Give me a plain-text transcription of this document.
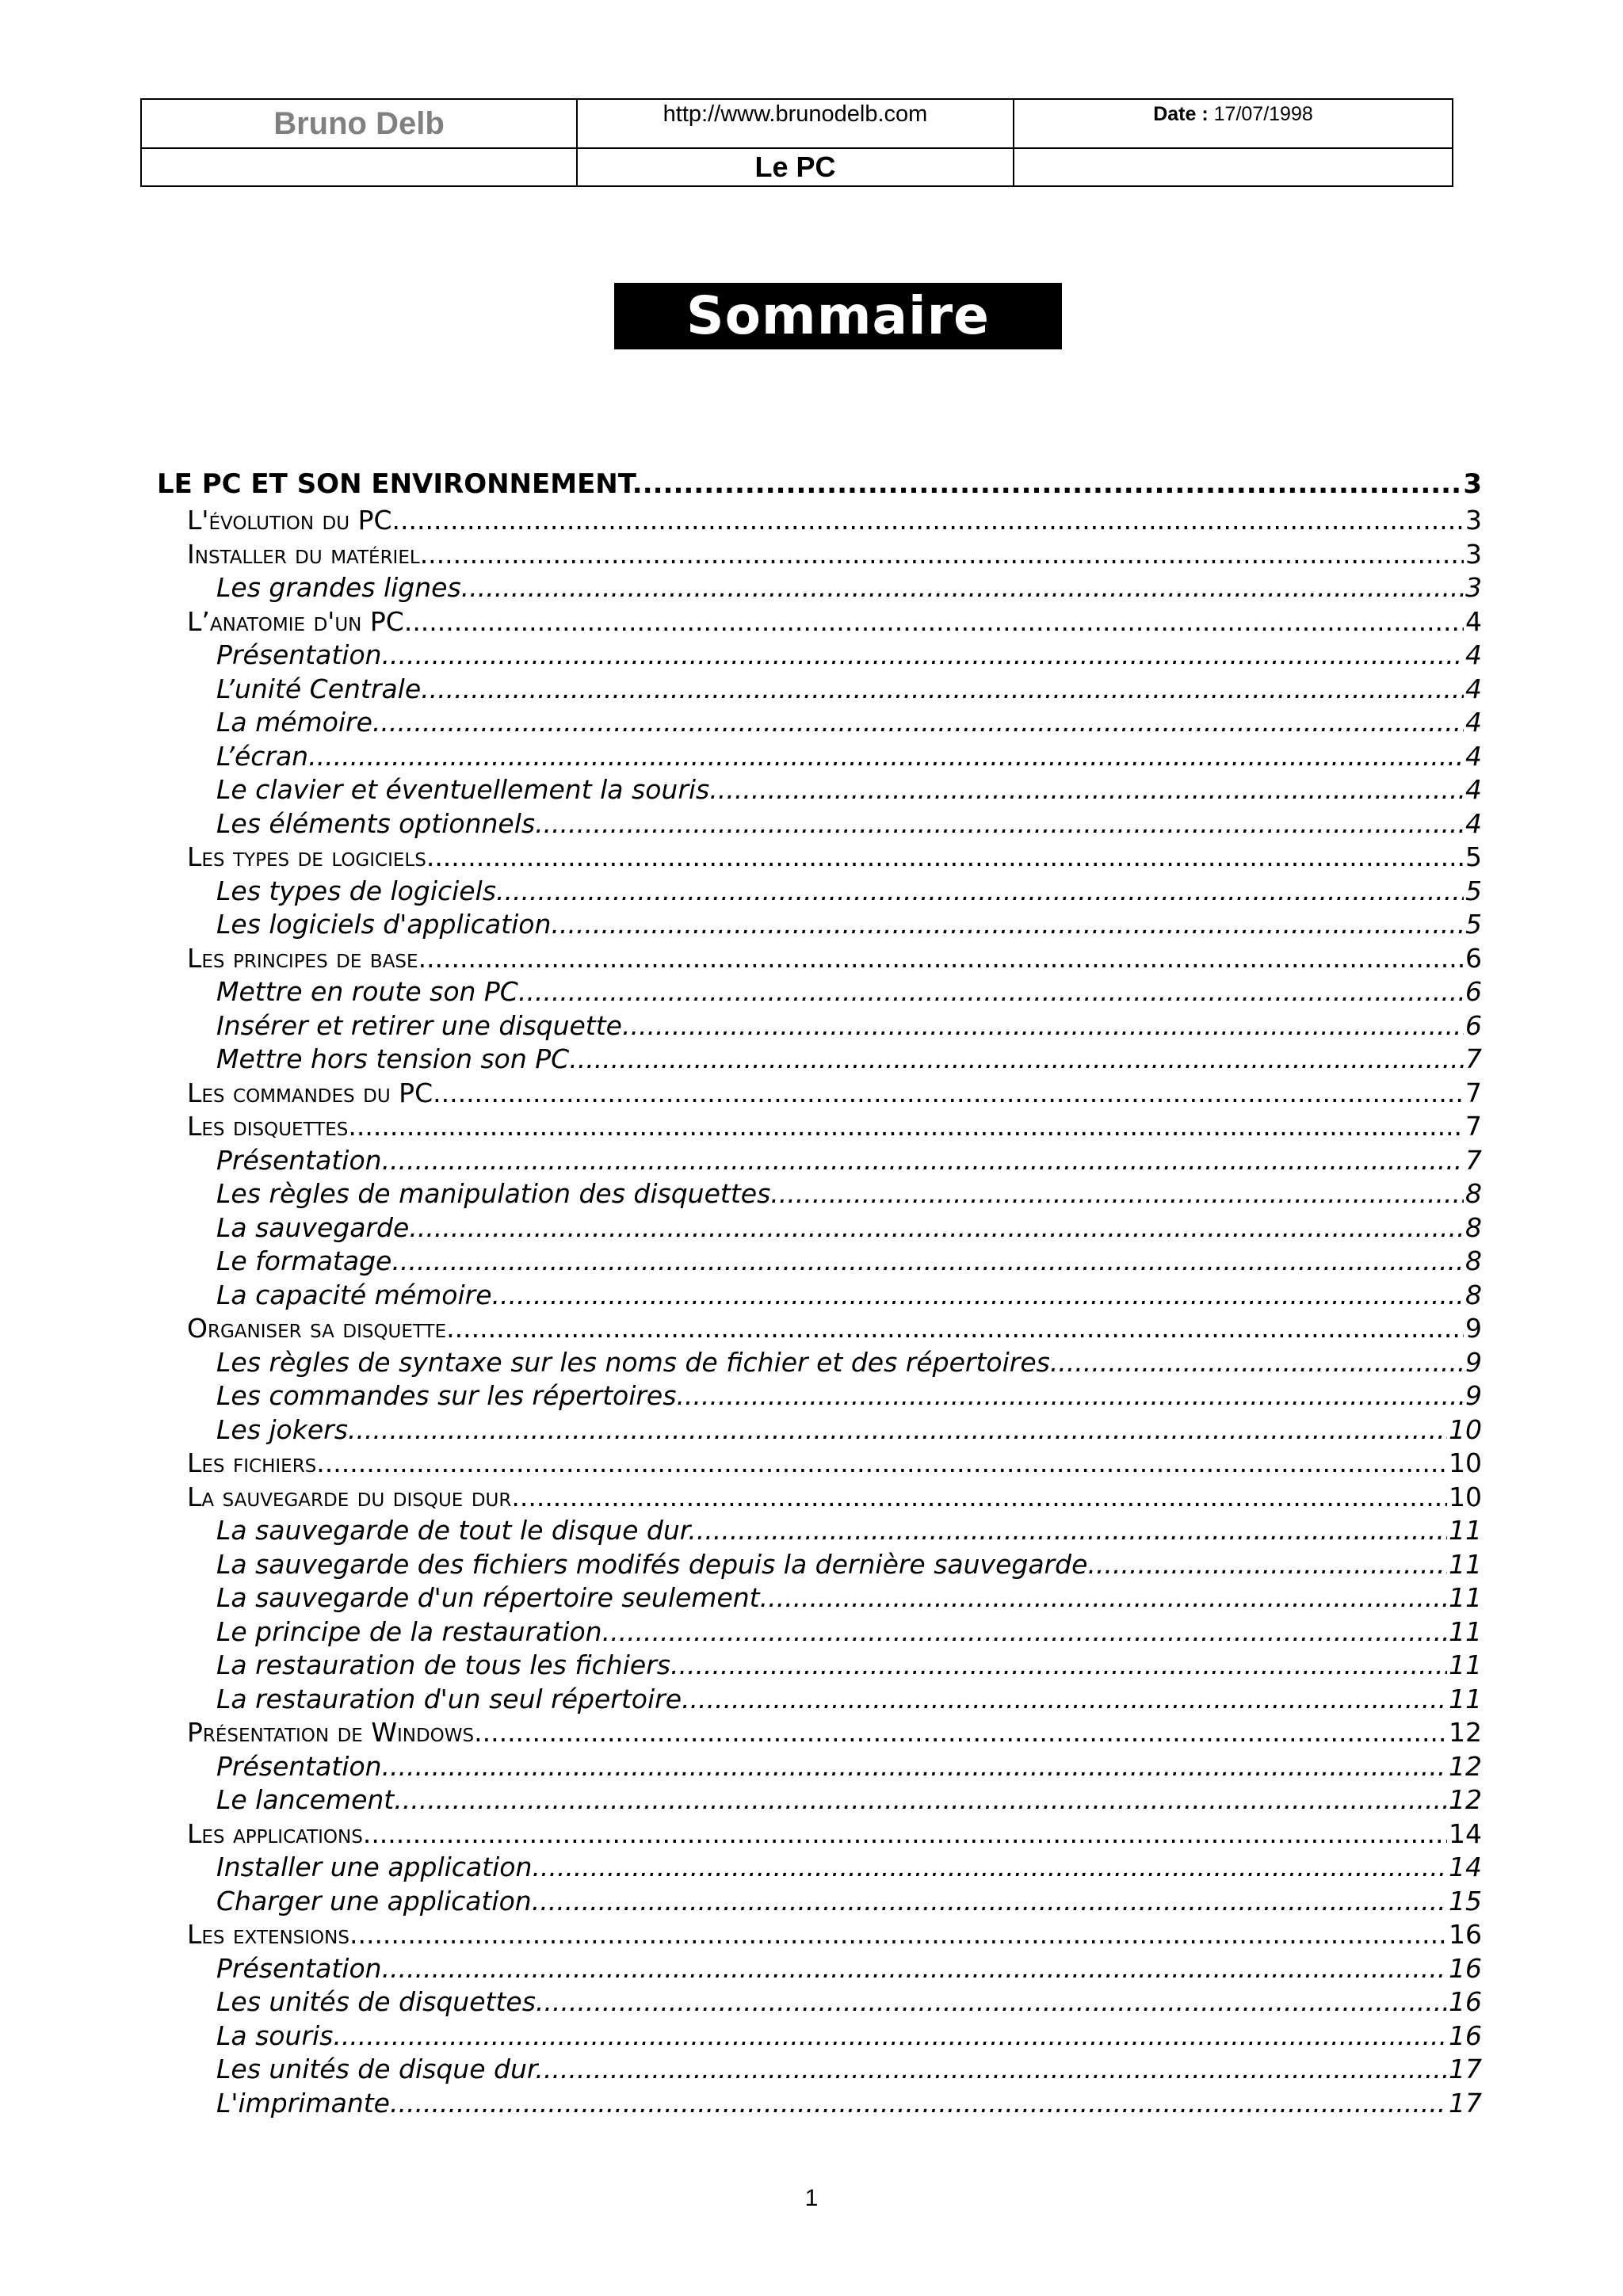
Bruno Delb	http://www.brunodelb.com	Date : 17/07/1998
	Le PC	
Sommaire
LE PC ET SON ENVIRONNEMENT .....	3
L'évolution du PC .....	3
Installer du matériel .....	3
Les grandes lignes .....	3
L’anatomie d'un PC .....	4
Présentation .....	4
L’unité Centrale .....	4
La mémoire .....	4
L’écran .....	4
Le clavier et éventuellement la souris .....	4
Les éléments optionnels .....	4
Les types de logiciels .....	5
Les types de logiciels .....	5
Les logiciels d'application .....	5
Les principes de base .....	6
Mettre en route son PC .....	6
Insérer et retirer une disquette .....	6
Mettre hors tension son PC .....	7
Les commandes du PC .....	7
Les disquettes .....	7
Présentation .....	7
Les règles de manipulation des disquettes .....	8
La sauvegarde .....	8
Le formatage .....	8
La capacité mémoire .....	8
Organiser sa disquette .....	9
Les règles de syntaxe sur les noms de fichier et des répertoires .....	9
Les commandes sur les répertoires .....	9
Les jokers .....	10
Les fichiers .....	10
La sauvegarde du disque dur .....	10
La sauvegarde de tout le disque dur .....	11
La sauvegarde des fichiers modifés depuis la dernière sauvegarde .....	11
La sauvegarde d'un répertoire seulement .....	11
Le principe de la restauration .....	11
La restauration de tous les fichiers .....	11
La restauration d'un seul répertoire .....	11
Présentation de Windows .....	12
Présentation .....	12
Le lancement .....	12
Les applications .....	14
Installer une application .....	14
Charger une application .....	15
Les extensions .....	16
Présentation .....	16
Les unités de disquettes .....	16
La souris .....	16
Les unités de disque dur .....	17
L'imprimante .....	17
1
